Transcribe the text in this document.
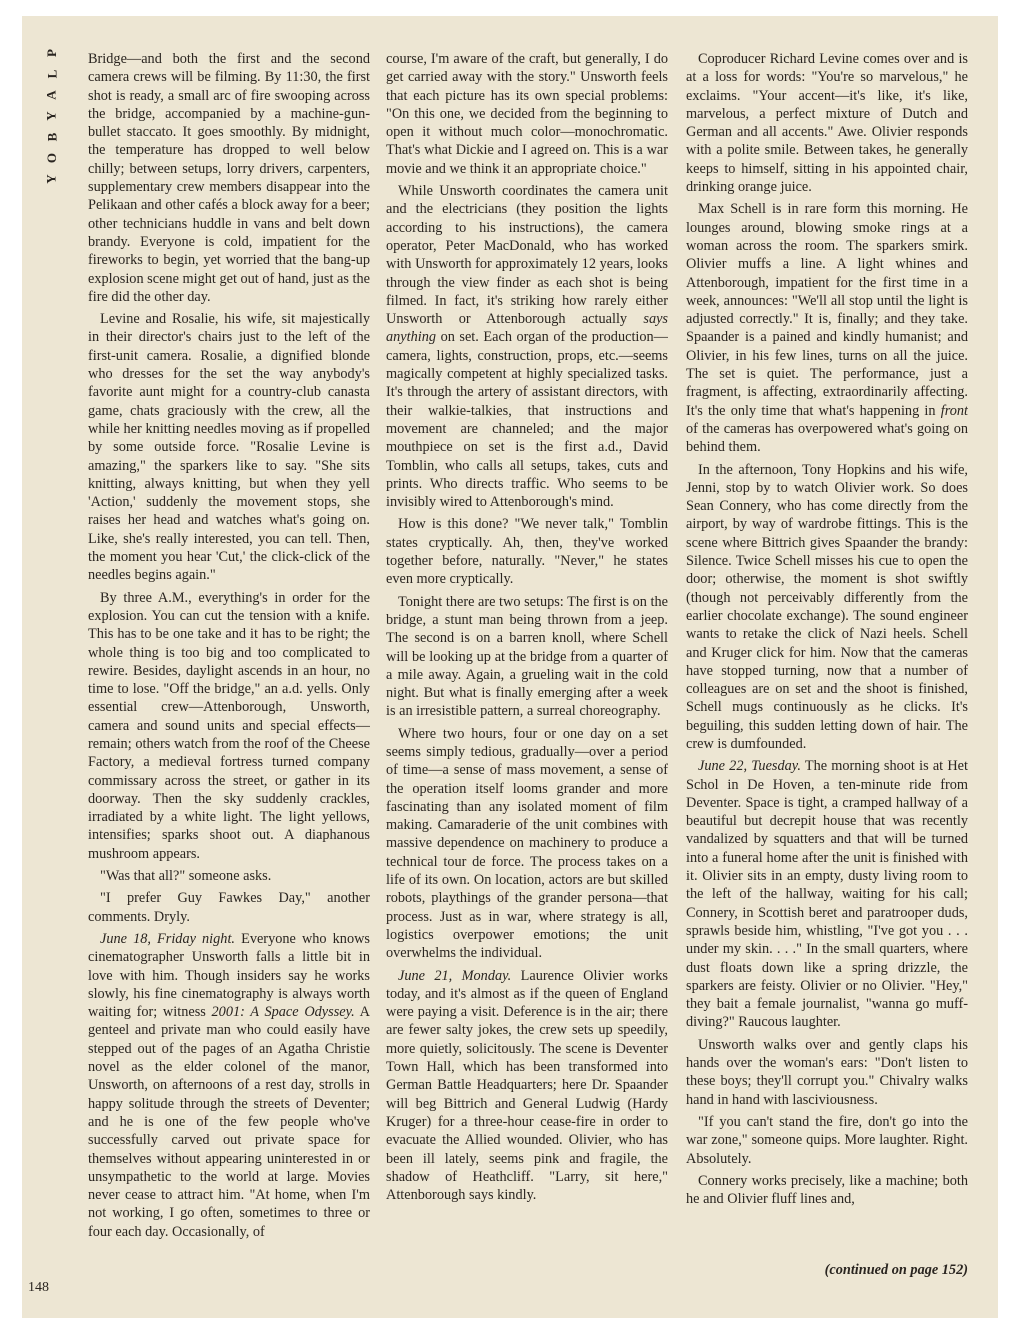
P
L
A
Y
B
O
Y
148

Bridge—and both the first and the second camera crews will be filming. By 11:30, the first shot is ready, a small arc of fire swooping across the bridge, accompanied by a machine-gun-bullet staccato. It goes smoothly. By midnight, the temperature has dropped to well below chilly; between setups, lorry drivers, carpenters, supplementary crew members disappear into the Pelikaan and other cafés a block away for a beer; other technicians huddle in vans and belt down brandy. Everyone is cold, impatient for the fireworks to begin, yet worried that the bang-up explosion scene might get out of hand, just as the fire did the other day.

Levine and Rosalie, his wife, sit majestically in their director's chairs just to the left of the first-unit camera. Rosalie, a dignified blonde who dresses for the set the way anybody's favorite aunt might for a country-club canasta game, chats graciously with the crew, all the while her knitting needles moving as if propelled by some outside force. "Rosalie Levine is amazing," the sparkers like to say. "She sits knitting, always knitting, but when they yell 'Action,' suddenly the movement stops, she raises her head and watches what's going on. Like, she's really interested, you can tell. Then, the moment you hear 'Cut,' the click-click of the needles begins again."

By three A.M., everything's in order for the explosion. You can cut the tension with a knife. This has to be one take and it has to be right; the whole thing is too big and too complicated to rewire. Besides, daylight ascends in an hour, no time to lose. "Off the bridge," an a.d. yells. Only essential crew—Attenborough, Unsworth, camera and sound units and special effects—remain; others watch from the roof of the Cheese Factory, a medieval fortress turned company commissary across the street, or gather in its doorway. Then the sky suddenly crackles, irradiated by a white light. The light yellows, intensifies; sparks shoot out. A diaphanous mushroom appears.

"Was that all?" someone asks.

"I prefer Guy Fawkes Day," another comments. Dryly.

June 18, Friday night. Everyone who knows cinematographer Unsworth falls a little bit in love with him. Though insiders say he works slowly, his fine cinematography is always worth waiting for; witness 2001: A Space Odyssey. A genteel and private man who could easily have stepped out of the pages of an Agatha Christie novel as the elder colonel of the manor, Unsworth, on afternoons of a rest day, strolls in happy solitude through the streets of Deventer; and he is one of the few people who've successfully carved out private space for themselves without appearing uninterested in or unsympathetic to the world at large. Movies never cease to attract him. "At home, when I'm not working, I go often, sometimes to three or four each day. Occasionally, of

course, I'm aware of the craft, but generally, I do get carried away with the story." Unsworth feels that each picture has its own special problems: "On this one, we decided from the beginning to open it without much color—monochromatic. That's what Dickie and I agreed on. This is a war movie and we think it an appropriate choice."

While Unsworth coordinates the camera unit and the electricians (they position the lights according to his instructions), the camera operator, Peter MacDonald, who has worked with Unsworth for approximately 12 years, looks through the view finder as each shot is being filmed. In fact, it's striking how rarely either Unsworth or Attenborough actually says anything on set. Each organ of the production—camera, lights, construction, props, etc.—seems magically competent at highly specialized tasks. It's through the artery of assistant directors, with their walkie-talkies, that instructions and movement are channeled; and the major mouthpiece on set is the first a.d., David Tomblin, who calls all setups, takes, cuts and prints. Who directs traffic. Who seems to be invisibly wired to Attenborough's mind.

How is this done? "We never talk," Tomblin states cryptically. Ah, then, they've worked together before, naturally. "Never," he states even more cryptically.

Tonight there are two setups: The first is on the bridge, a stunt man being thrown from a jeep. The second is on a barren knoll, where Schell will be looking up at the bridge from a quarter of a mile away. Again, a grueling wait in the cold night. But what is finally emerging after a week is an irresistible pattern, a surreal choreography.

Where two hours, four or one day on a set seems simply tedious, gradually—over a period of time—a sense of mass movement, a sense of the operation itself looms grander and more fascinating than any isolated moment of film making. Camaraderie of the unit combines with massive dependence on machinery to produce a technical tour de force. The process takes on a life of its own. On location, actors are but skilled robots, playthings of the grander persona—that process. Just as in war, where strategy is all, logistics overpower emotions; the unit overwhelms the individual.

June 21, Monday. Laurence Olivier works today, and it's almost as if the queen of England were paying a visit. Deference is in the air; there are fewer salty jokes, the crew sets up speedily, more quietly, solicitously. The scene is Deventer Town Hall, which has been transformed into German Battle Headquarters; here Dr. Spaander will beg Bittrich and General Ludwig (Hardy Kruger) for a three-hour cease-fire in order to evacuate the Allied wounded. Olivier, who has been ill lately, seems pink and fragile, the shadow of Heathcliff. "Larry, sit here," Attenborough says kindly.

Coproducer Richard Levine comes over and is at a loss for words: "You're so marvelous," he exclaims. "Your accent—it's like, it's like, marvelous, a perfect mixture of Dutch and German and all accents." Awe. Olivier responds with a polite smile. Between takes, he generally keeps to himself, sitting in his appointed chair, drinking orange juice.

Max Schell is in rare form this morning. He lounges around, blowing smoke rings at a woman across the room. The sparkers smirk. Olivier muffs a line. A light whines and Attenborough, impatient for the first time in a week, announces: "We'll all stop until the light is adjusted correctly." It is, finally; and they take. Spaander is a pained and kindly humanist; and Olivier, in his few lines, turns on all the juice. The set is quiet. The performance, just a fragment, is affecting, extraordinarily affecting. It's the only time that what's happening in front of the cameras has overpowered what's going on behind them.

In the afternoon, Tony Hopkins and his wife, Jenni, stop by to watch Olivier work. So does Sean Connery, who has come directly from the airport, by way of wardrobe fittings. This is the scene where Bittrich gives Spaander the brandy: Silence. Twice Schell misses his cue to open the door; otherwise, the moment is shot swiftly (though not perceivably differently from the earlier chocolate exchange). The sound engineer wants to retake the click of Nazi heels. Schell and Kruger click for him. Now that the cameras have stopped turning, now that a number of colleagues are on set and the shoot is finished, Schell mugs continuously as he clicks. It's beguiling, this sudden letting down of hair. The crew is dumfounded.

June 22, Tuesday. The morning shoot is at Het Schol in De Hoven, a ten-minute ride from Deventer. Space is tight, a cramped hallway of a beautiful but decrepit house that was recently vandalized by squatters and that will be turned into a funeral home after the unit is finished with it. Olivier sits in an empty, dusty living room to the left of the hallway, waiting for his call; Connery, in Scottish beret and paratrooper duds, sprawls beside him, whistling, "I've got you . . . under my skin. . . ." In the small quarters, where dust floats down like a spring drizzle, the sparkers are feisty. Olivier or no Olivier. "Hey," they bait a female journalist, "wanna go muff-diving?" Raucous laughter.

Unsworth walks over and gently claps his hands over the woman's ears: "Don't listen to these boys; they'll corrupt you." Chivalry walks hand in hand with lasciviousness.

"If you can't stand the fire, don't go into the war zone," someone quips. More laughter. Right. Absolutely.

Connery works precisely, like a machine; both he and Olivier fluff lines and,

(continued on page 152)
